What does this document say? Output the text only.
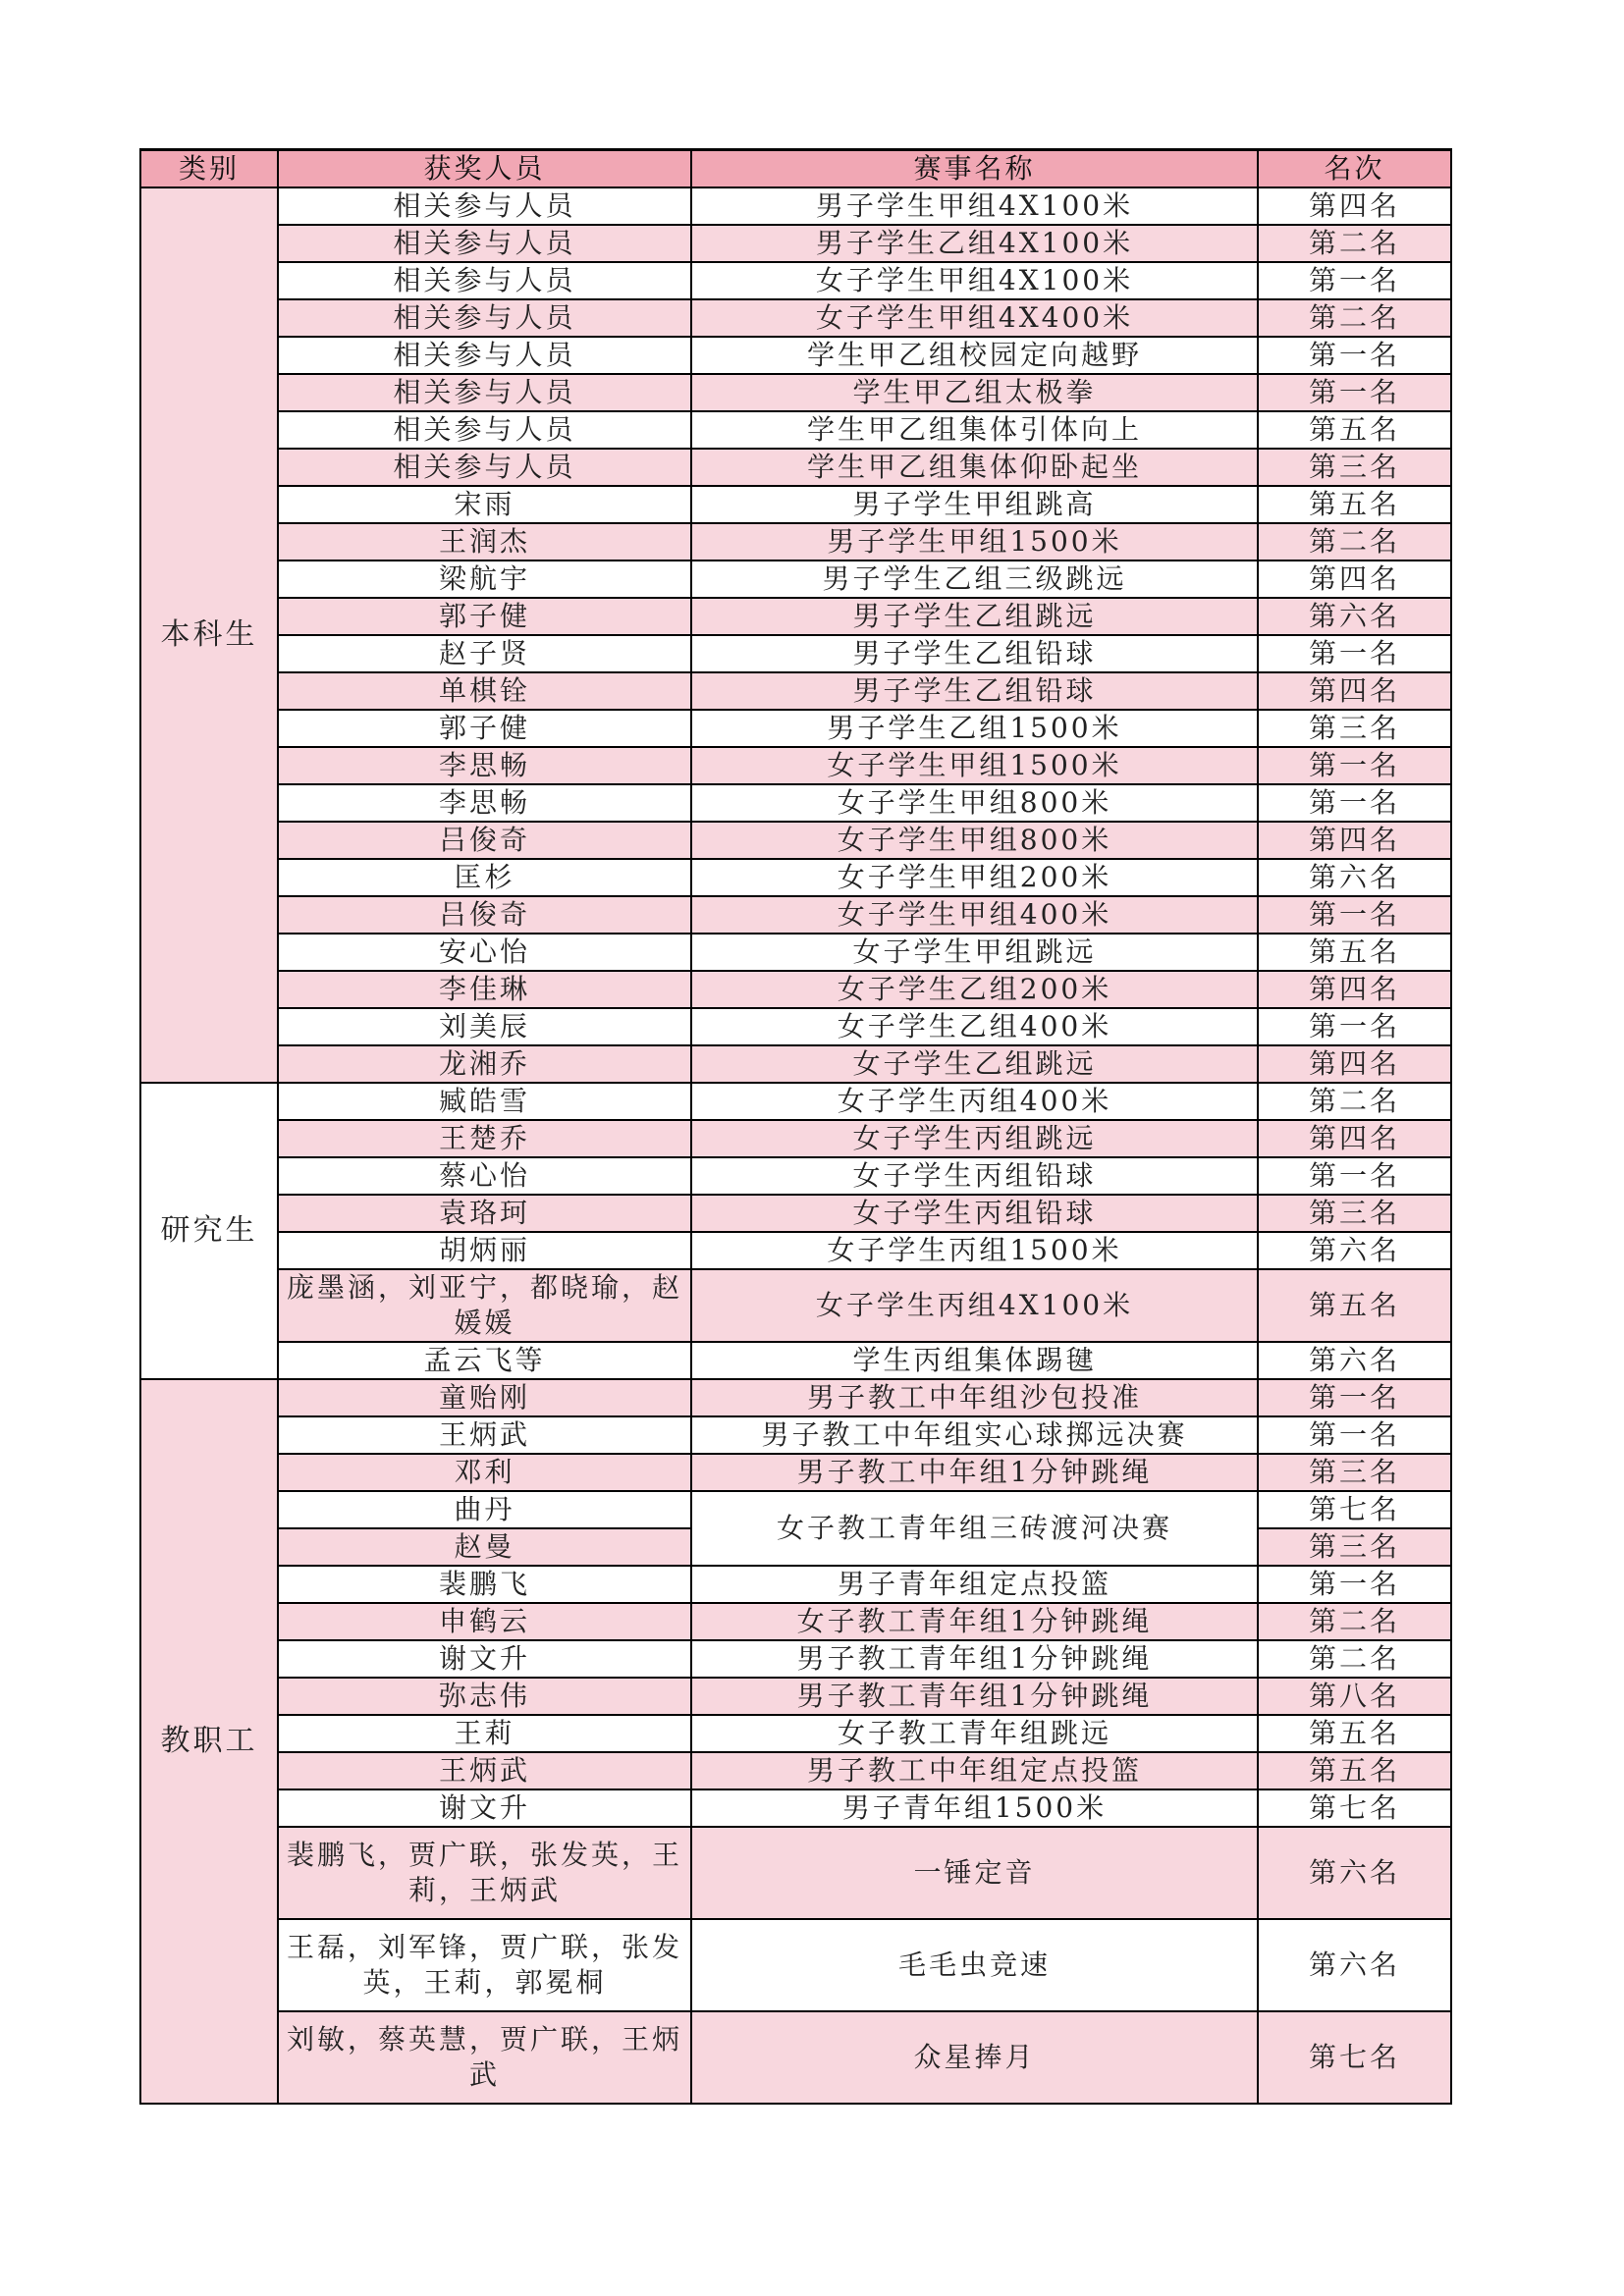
类别	获奖人员	赛事名称	名次
本科生	相关参与人员	男子学生甲组4X100米	第四名
	相关参与人员	男子学生乙组4X100米	第二名
	相关参与人员	女子学生甲组4X100米	第一名
	相关参与人员	女子学生甲组4X400米	第二名
	相关参与人员	学生甲乙组校园定向越野	第一名
	相关参与人员	学生甲乙组太极拳	第一名
	相关参与人员	学生甲乙组集体引体向上	第五名
	相关参与人员	学生甲乙组集体仰卧起坐	第三名
	宋雨	男子学生甲组跳高	第五名
	王润杰	男子学生甲组1500米	第二名
	梁航宇	男子学生乙组三级跳远	第四名
	郭子健	男子学生乙组跳远	第六名
	赵子贤	男子学生乙组铅球	第一名
	单棋铨	男子学生乙组铅球	第四名
	郭子健	男子学生乙组1500米	第三名
	李思畅	女子学生甲组1500米	第一名
	李思畅	女子学生甲组800米	第一名
	吕俊奇	女子学生甲组800米	第四名
	匡杉	女子学生甲组200米	第六名
	吕俊奇	女子学生甲组400米	第一名
	安心怡	女子学生甲组跳远	第五名
	李佳琳	女子学生乙组200米	第四名
	刘美辰	女子学生乙组400米	第一名
	龙湘乔	女子学生乙组跳远	第四名
研究生	臧皓雪	女子学生丙组400米	第二名
	王楚乔	女子学生丙组跳远	第四名
	蔡心怡	女子学生丙组铅球	第一名
	袁珞珂	女子学生丙组铅球	第三名
	胡炳丽	女子学生丙组1500米	第六名
	庞墨涵，刘亚宁，都晓瑜，赵媛媛	女子学生丙组4X100米	第五名
	孟云飞等	学生丙组集体踢毽	第六名
教职工	童贻刚	男子教工中年组沙包投准	第一名
	王炳武	男子教工中年组实心球掷远决赛	第一名
	邓利	男子教工中年组1分钟跳绳	第三名
	曲丹	女子教工青年组三砖渡河决赛	第七名
	赵曼		第三名
	裴鹏飞	男子青年组定点投篮	第一名
	申鹤云	女子教工青年组1分钟跳绳	第二名
	谢文升	男子教工青年组1分钟跳绳	第二名
	弥志伟	男子教工青年组1分钟跳绳	第八名
	王莉	女子教工青年组跳远	第五名
	王炳武	男子教工中年组定点投篮	第五名
	谢文升	男子青年组1500米	第七名
	裴鹏飞，贾广联，张发英，王莉，王炳武	一锤定音	第六名
	王磊，刘军锋，贾广联，张发英，王莉，郭冕桐	毛毛虫竞速	第六名
	刘敏，蔡英慧，贾广联，王炳武	众星捧月	第七名
